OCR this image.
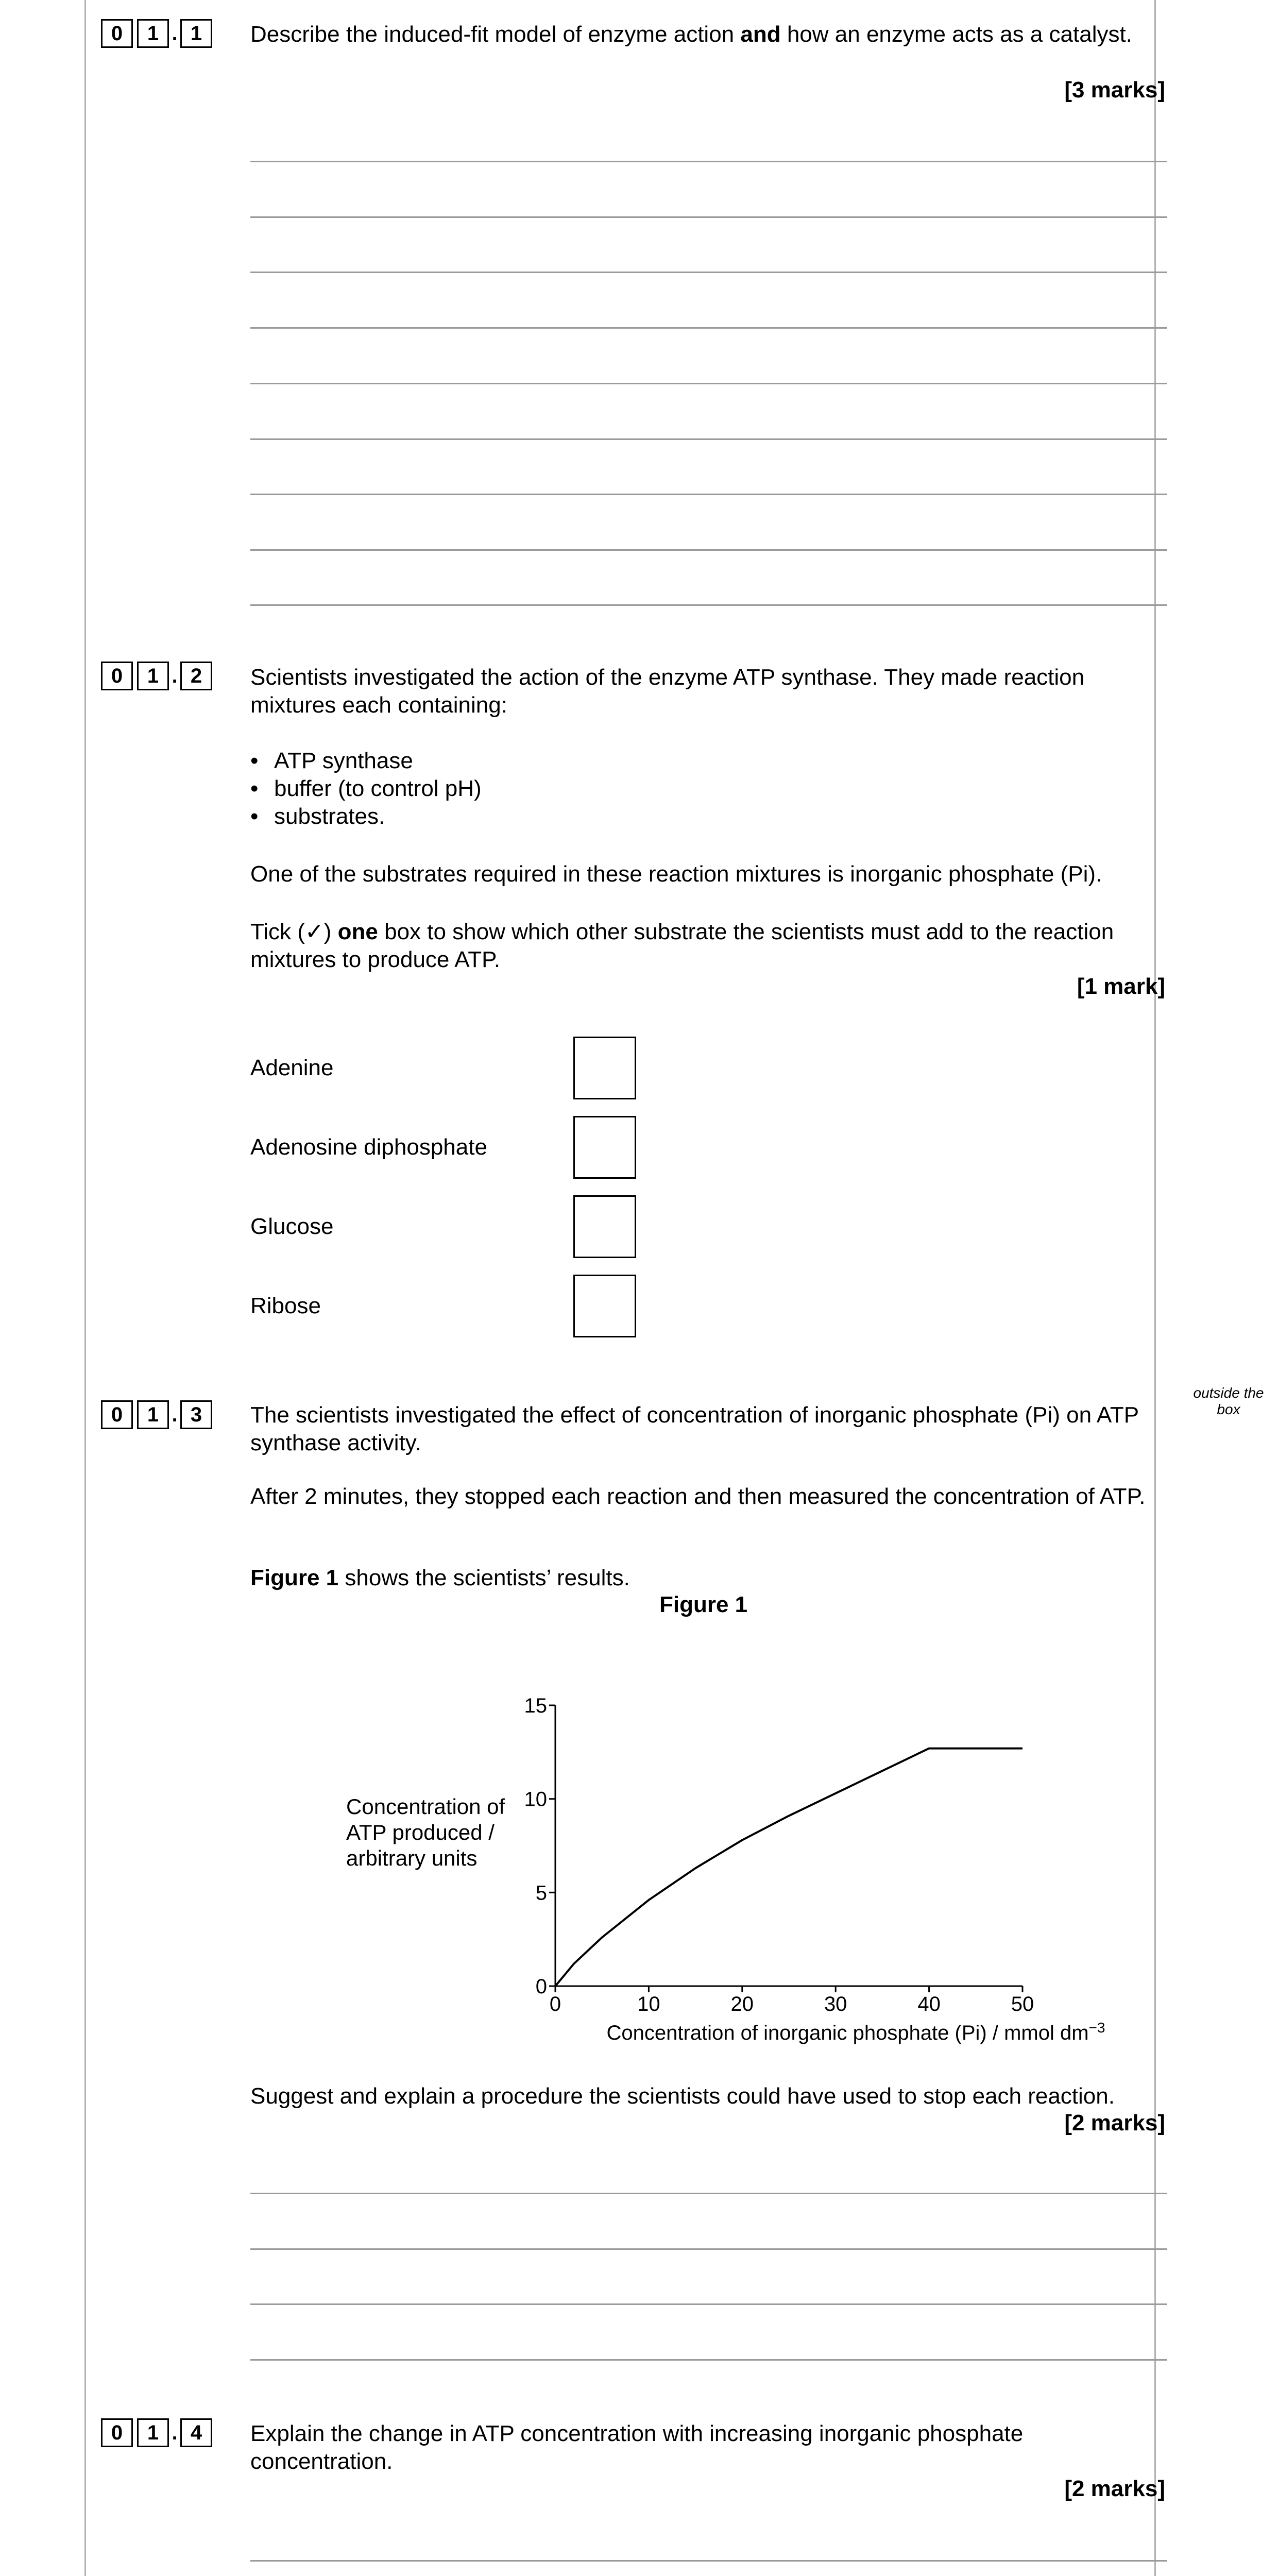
0	1 . 1	Describe the induced-fit model of enzyme action and how an enzyme acts as a catalyst.
[3 marks]
0	1 . 2	Scientists investigated the action of the enzyme ATP synthase. They made reaction mixtures each containing:
• ATP synthase
• buffer (to control pH)
• substrates.
One of the substrates required in these reaction mixtures is inorganic phosphate (Pi).
Tick (✓) one box to show which other substrate the scientists must add to the reaction mixtures to produce ATP.
[1 mark]
Adenine
Adenosine diphosphate
Glucose
Ribose
outside the box
0	1 . 3	The scientists investigated the effect of concentration of inorganic phosphate (Pi) on ATP synthase activity.
After 2 minutes, they stopped each reaction and then measured the concentration of ATP.
Figure 1 shows the scientists’ results.
Figure 1
Concentration of
ATP produced /
arbitrary units
0
5
10
15
0	10	20	30	40	50
Concentration of inorganic phosphate (Pi) / mmol $dm^{-3}$
Suggest and explain a procedure the scientists could have used to stop each reaction.
[2 marks]
0	1 . 4	Explain the change in ATP concentration with increasing inorganic phosphate concentration.
[2 marks]
